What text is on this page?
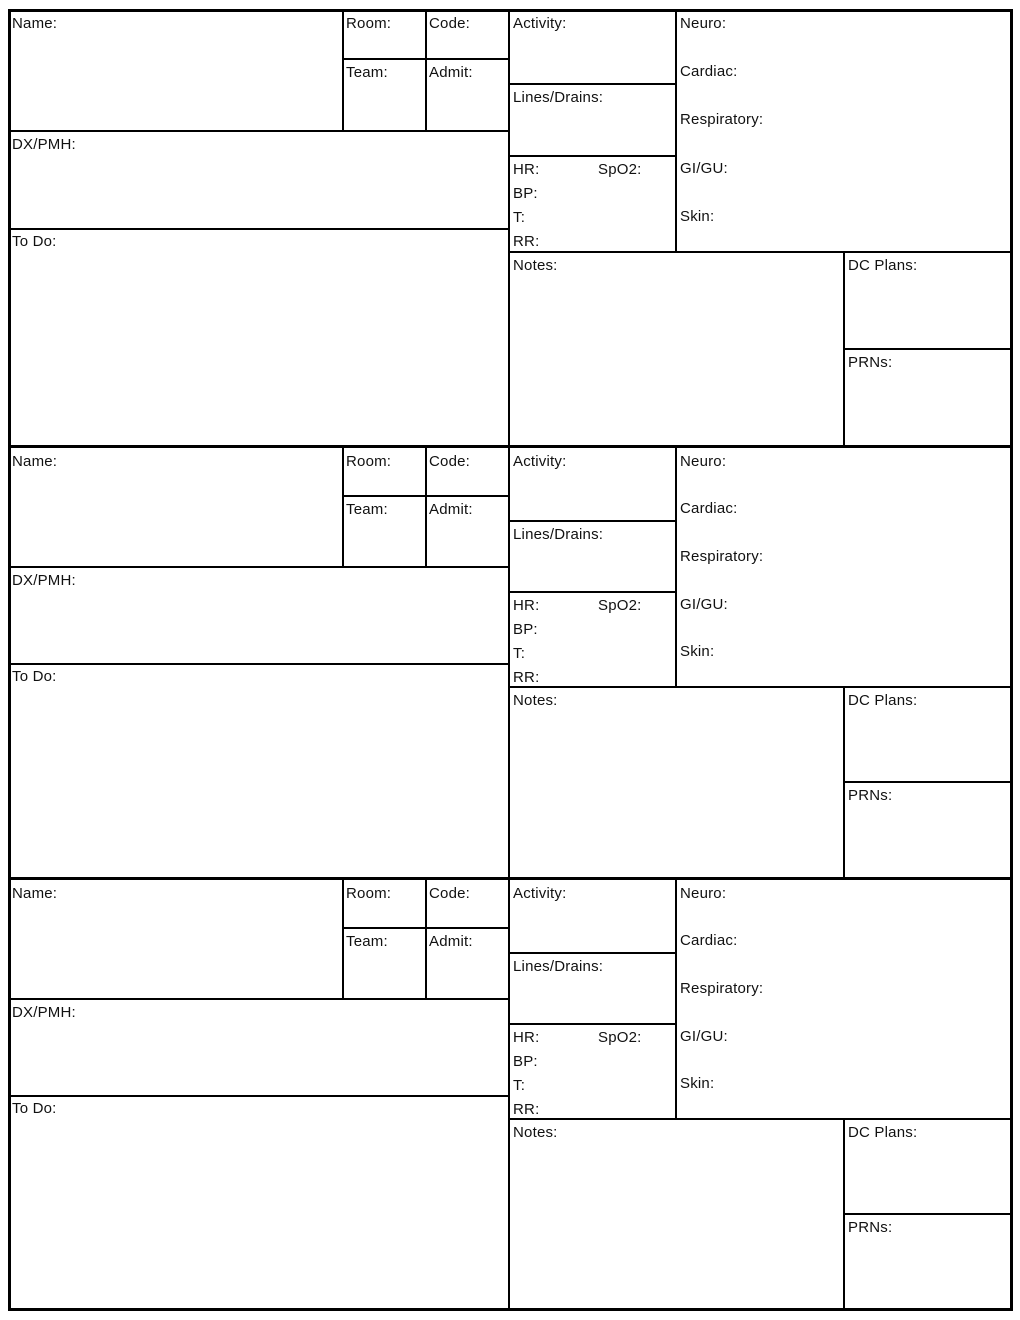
Name:	Room:	Code:
Team:	Admit:
DX/PMH:
To Do:
Activity:
Lines/Drains:
HR:	SpO2:
BP:
T:
RR:
Neuro:
Cardiac:
Respiratory:
GI/GU:
Skin:
Notes:	DC Plans:
PRNs:
Name:	Room:	Code:
Team:	Admit:
DX/PMH:
To Do:
Activity:
Lines/Drains:
HR:	SpO2:
BP:
T:
RR:
Neuro:
Cardiac:
Respiratory:
GI/GU:
Skin:
Notes:	DC Plans:
PRNs:
Name:	Room:	Code:
Team:	Admit:
DX/PMH:
To Do:
Activity:
Lines/Drains:
HR:	SpO2:
BP:
T:
RR:
Neuro:
Cardiac:
Respiratory:
GI/GU:
Skin:
Notes:	DC Plans:
PRNs:
